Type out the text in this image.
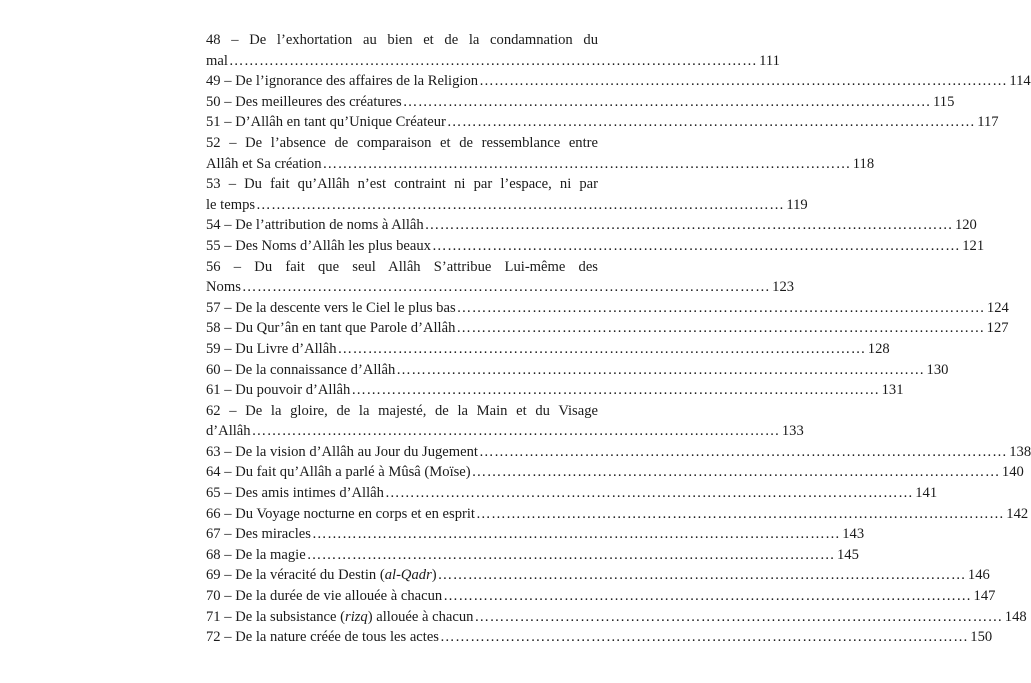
48 – De l’exhortation au bien et de la condamnation du
mal …………………………………………………………………………………………… 111
49 – De l’ignorance des affaires de la Religion …………………………………………………………………………………………… 114
50 – Des meilleures des créatures …………………………………………………………………………………………… 115
51 – D’Allâh en tant qu’Unique Créateur …………………………………………………………………………………………… 117
52 – De l’absence de comparaison et de ressemblance entre
Allâh et Sa création …………………………………………………………………………………………… 118
53 – Du fait qu’Allâh n’est contraint ni par l’espace, ni par
le temps …………………………………………………………………………………………… 119
54 – De l’attribution de noms à Allâh …………………………………………………………………………………………… 120
55 – Des Noms d’Allâh les plus beaux …………………………………………………………………………………………… 121
56 – Du fait que seul Allâh S’attribue Lui-même des
Noms …………………………………………………………………………………………… 123
57 – De la descente vers le Ciel le plus bas …………………………………………………………………………………………… 124
58 – Du Qur’ân en tant que Parole d’Allâh …………………………………………………………………………………………… 127
59 – Du Livre d’Allâh …………………………………………………………………………………………… 128
60 – De la connaissance d’Allâh …………………………………………………………………………………………… 130
61 – Du pouvoir d’Allâh …………………………………………………………………………………………… 131
62 – De la gloire, de la majesté, de la Main et du Visage
d’Allâh …………………………………………………………………………………………… 133
63 – De la vision d’Allâh au Jour du Jugement …………………………………………………………………………………………… 138
64 – Du fait qu’Allâh a parlé à Mûsâ (Moïse) …………………………………………………………………………………………… 140
65 – Des amis intimes d’Allâh …………………………………………………………………………………………… 141
66 – Du Voyage nocturne en corps et en esprit …………………………………………………………………………………………… 142
67 – Des miracles …………………………………………………………………………………………… 143
68 – De la magie …………………………………………………………………………………………… 145
69 – De la véracité du Destin (al-Qadr) …………………………………………………………………………………………… 146
70 – De la durée de vie allouée à chacun …………………………………………………………………………………………… 147
71 – De la subsistance (rizq) allouée à chacun …………………………………………………………………………………………… 148
72 – De la nature créée de tous les actes …………………………………………………………………………………………… 150
